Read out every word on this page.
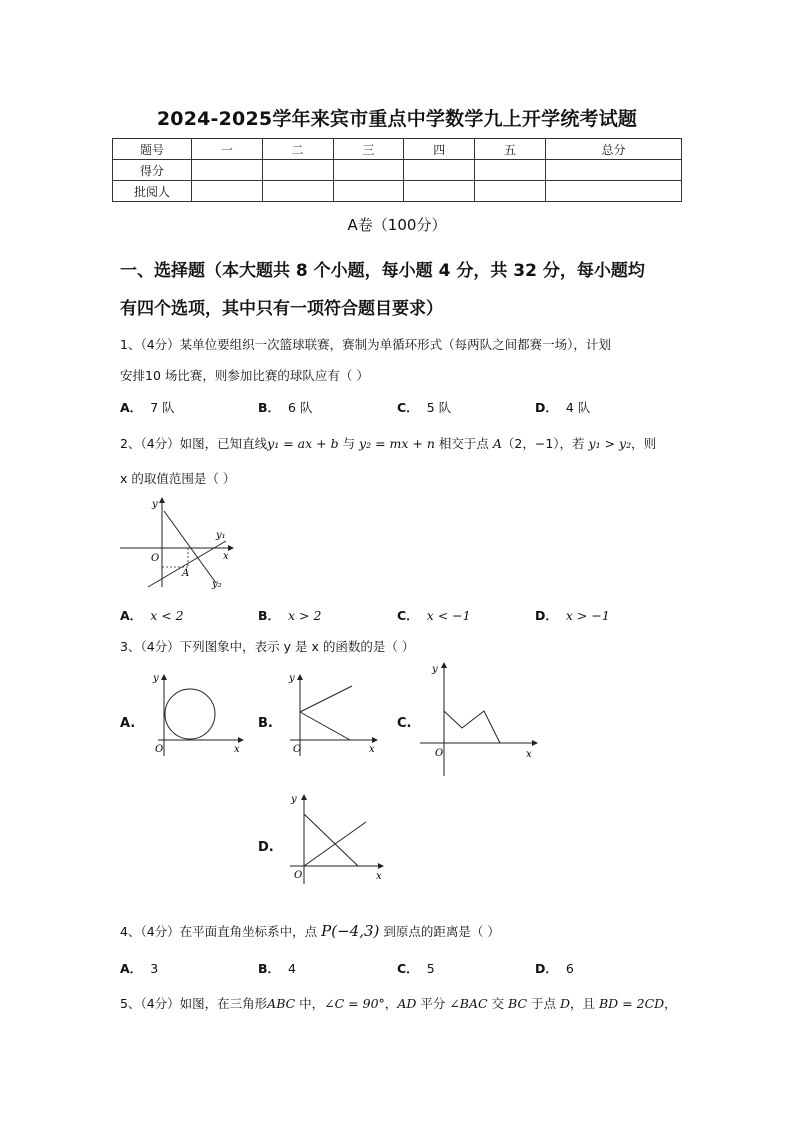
2024-2025学年来宾市重点中学数学九上开学统考试题
题号	一	二	三	四	五	总分
得分						
批阅人						
A卷（100分）
一、选择题（本大题共 8 个小题，每小题 4 分，共 32 分，每小题均
有四个选项，其中只有一项符合题目要求）
1、（4分）某单位要组织一次篮球联赛，赛制为单循环形式（每两队之间都赛一场），计划
安排10 场比赛，则参加比赛的球队应有（ ）
A． 7 队	B． 6 队	C． 5 队	D． 4 队
2、（4分）如图，已知直线y₁ = ax + b 与 y₂ = mx + n 相交于点 A（2，−1），若 y₁ > y₂，则
x 的取值范围是（ ）
y
x
O
A
y₁
y₂
A． x < 2	B． x > 2	C． x < −1	D． x > −1
3、（4分）下列图象中，表示 y 是 x 的函数的是（ ）
A.
y
x
O
B.
y
x
O
C.
y
x
O
D.
y
x
O
4、（4分）在平面直角坐标系中，点 P(−4,3) 到原点的距离是（ ）
A． 3	B． 4	C． 5	D． 6
5、（4分）如图，在三角形ABC 中，∠C = 90°，AD 平分 ∠BAC 交 BC 于点 D，且 BD = 2CD，
